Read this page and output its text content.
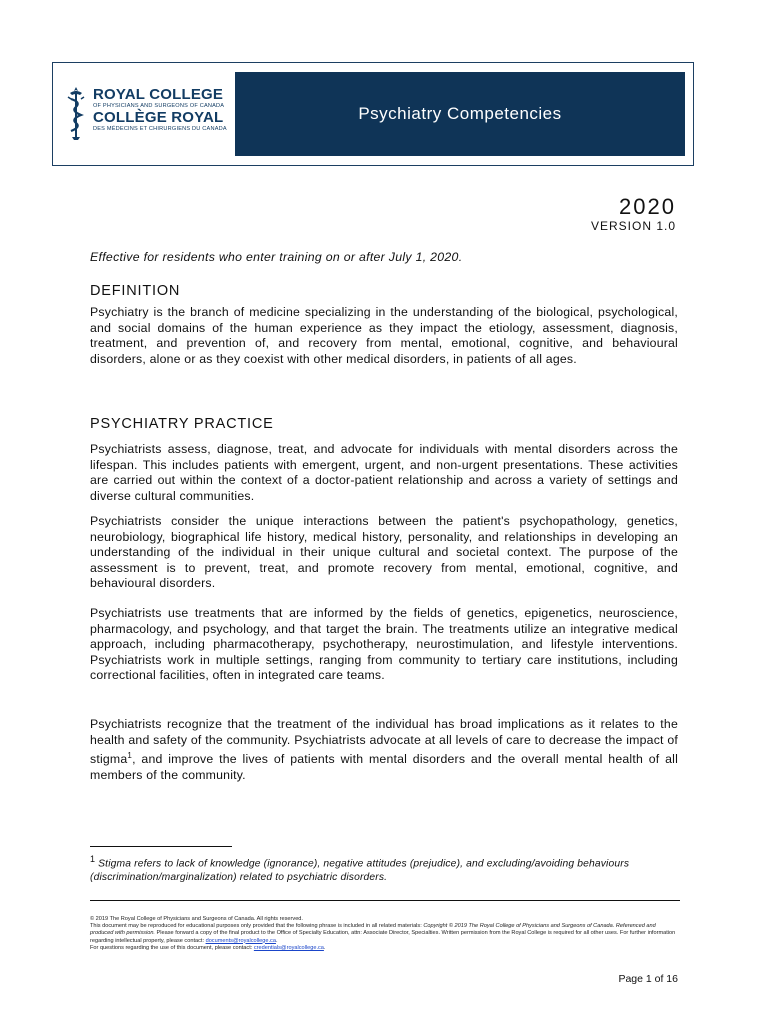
ROYAL COLLEGE
OF PHYSICIANS AND SURGEONS OF CANADA
COLLÈGE ROYAL
DES MÉDECINS ET CHIRURGIENS DU CANADA
Psychiatry Competencies
2020
VERSION 1.0
Effective for residents who enter training on or after July 1, 2020.
DEFINITION

Psychiatry is the branch of medicine specializing in the understanding of the biological, psychological, and social domains of the human experience as they impact the etiology, assessment, diagnosis, treatment, and prevention of, and recovery from mental, emotional, cognitive, and behavioural disorders, alone or as they coexist with other medical disorders, in patients of all ages.

PSYCHIATRY PRACTICE

Psychiatrists assess, diagnose, treat, and advocate for individuals with mental disorders across the lifespan. This includes patients with emergent, urgent, and non-urgent presentations. These activities are carried out within the context of a doctor-patient relationship and across a variety of settings and diverse cultural communities.

Psychiatrists consider the unique interactions between the patient's psychopathology, genetics, neurobiology, biographical life history, medical history, personality, and relationships in developing an understanding of the individual in their unique cultural and societal context. The purpose of the assessment is to prevent, treat, and promote recovery from mental, emotional, cognitive, and behavioural disorders.

Psychiatrists use treatments that are informed by the fields of genetics, epigenetics, neuroscience, pharmacology, and psychology, and that target the brain. The treatments utilize an integrative medical approach, including pharmacotherapy, psychotherapy, neurostimulation, and lifestyle interventions. Psychiatrists work in multiple settings, ranging from community to tertiary care institutions, including correctional facilities, often in integrated care teams.

Psychiatrists recognize that the treatment of the individual has broad implications as it relates to the health and safety of the community. Psychiatrists advocate at all levels of care to decrease the impact of stigma$^1$, and improve the lives of patients with mental disorders and the overall mental health of all members of the community.

$^1$ Stigma refers to lack of knowledge (ignorance), negative attitudes (prejudice), and excluding/avoiding behaviours (discrimination/marginalization) related to psychiatric disorders.
© 2019 The Royal College of Physicians and Surgeons of Canada. All rights reserved.
This document may be reproduced for educational purposes only provided that the following phrase is included in all related materials: Copyright © 2019 The Royal College of Physicians and Surgeons of Canada. Referenced and produced with permission. Please forward a copy of the final product to the Office of Specialty Education, attn: Associate Director, Specialties. Written permission from the Royal College is required for all other uses. For further information regarding intellectual property, please contact: documents@royalcollege.ca.
For questions regarding the use of this document, please contact: credentials@royalcollege.ca.
Page 1 of 16
